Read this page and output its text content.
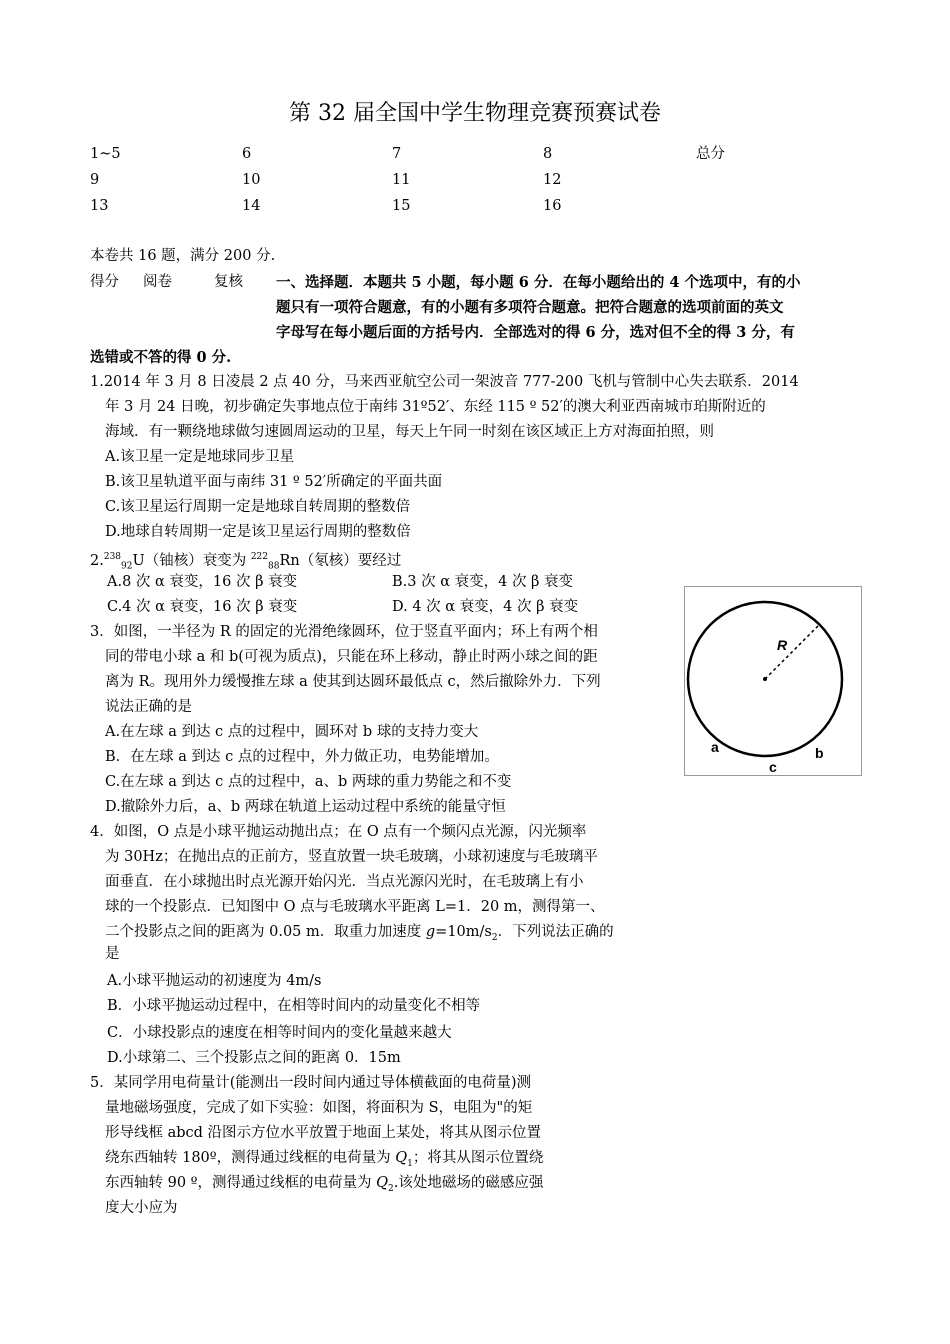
第 32 届全国中学生物理竞赛预赛试卷
1~5	6	7	8	总分
9	10	11	12
13	14	15	16
本卷共 16 题，满分 200 分.
得分 阅卷	复核 一、选择题．本题共 5 小题，每小题 6 分．在每小题给出的 4 个选项中，有的小
题只有一项符合题意，有的小题有多项符合题意。把符合题意的选项前面的英文
字母写在每小题后面的方括号内．全部选对的得 6 分，选对但不全的得 3 分，有
选错或不答的得 0 分.
1.2014 年 3 月 8 日凌晨 2 点 40 分，马来西亚航空公司一架波音 777-200 飞机与管制中心失去联系．2014
年 3 月 24 日晚，初步确定失事地点位于南纬 31º52′、东经 115 º 52′的澳大利亚西南城市珀斯附近的
海域．有一颗绕地球做匀速圆周运动的卫星，每天上午同一时刻在该区域正上方对海面拍照，则
A.该卫星一定是地球同步卫星
B.该卫星轨道平面与南纬 31 º 52′所确定的平面共面
C.该卫星运行周期一定是地球自转周期的整数倍
D.地球自转周期一定是该卫星运行周期的整数倍
2.$^{238}_{92}$U（铀核）衰变为 $^{222}_{88}$Rn（氡核）要经过
A.8 次 α 衰变，16 次 β 衰变	B.3 次 α 衰变，4 次 β 衰变
C.4 次 α 衰变，16 次 β 衰变	D. 4 次 α 衰变，4 次 β 衰变
R
a	b
c
3．如图，一半径为 R 的固定的光滑绝缘圆环，位于竖直平面内；环上有两个相
同的带电小球 a 和 b(可视为质点)，只能在环上移动，静止时两小球之间的距
离为 R。现用外力缓慢推左球 a 使其到达圆环最低点 c，然后撤除外力．下列
说法正确的是
A.在左球 a 到达 c 点的过程中，圆环对 b 球的支持力变大
B．在左球 a 到达 c 点的过程中，外力做正功，电势能增加。
C.在左球 a 到达 c 点的过程中，a、b 两球的重力势能之和不变
D.撤除外力后，a、b 两球在轨道上运动过程中系统的能量守恒
4．如图，O 点是小球平抛运动抛出点；在 O 点有一个频闪点光源，闪光频率
为 30Hz；在抛出点的正前方，竖直放置一块毛玻璃，小球初速度与毛玻璃平
面垂直．在小球抛出时点光源开始闪光．当点光源闪光时，在毛玻璃上有小
球的一个投影点．已知图中 O 点与毛玻璃水平距离 L=1．20 m，测得第一、
二个投影点之间的距离为 0.05 m．取重力加速度 $g=10m/s_2$．下列说法正确的
是
A.小球平抛运动的初速度为 4m/s
B．小球平抛运动过程中，在相等时间内的动量变化不相等
C．小球投影点的速度在相等时间内的变化量越来越大
D.小球第二、三个投影点之间的距离 0．15m
5．某同学用电荷量计(能测出一段时间内通过导体横截面的电荷量)测
量地磁场强度，完成了如下实验：如图，将面积为 S，电阻为"的矩
形导线框 abcd 沿图示方位水平放置于地面上某处，将其从图示位置
绕东西轴转 180º，测得通过线框的电荷量为 $Q_1$；将其从图示位置绕
东西轴转 90 º，测得通过线框的电荷量为 $Q_2$.该处地磁场的磁感应强
度大小应为
